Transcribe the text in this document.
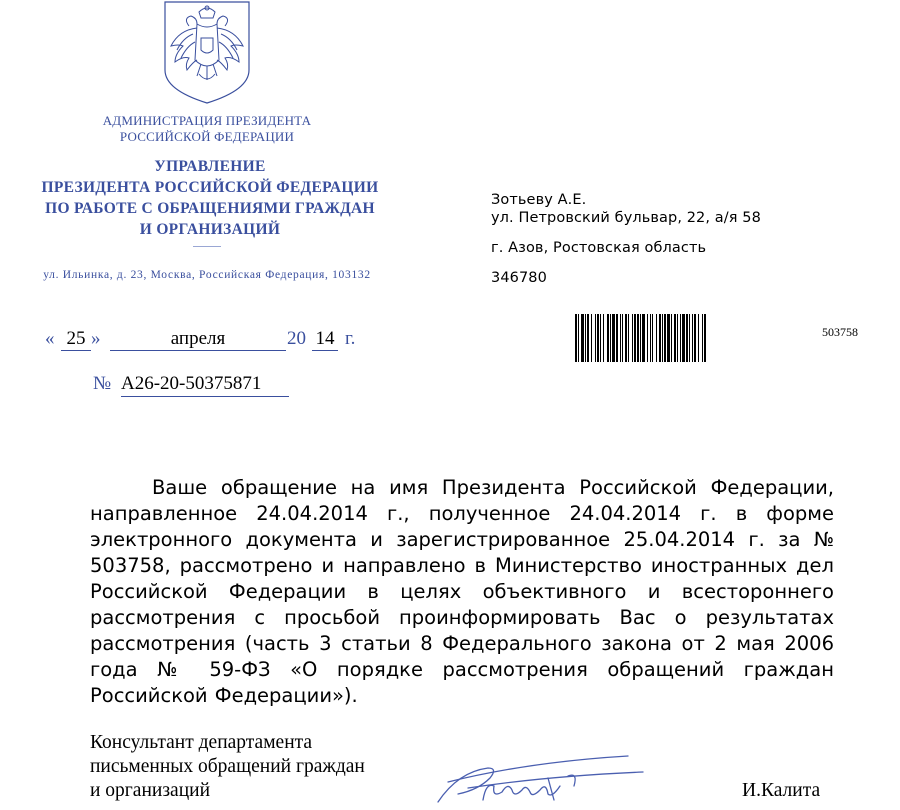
АДМИНИСТРАЦИЯ ПРЕЗИДЕНТА
РОССИЙСКОЙ ФЕДЕРАЦИИ
УПРАВЛЕНИЕ
ПРЕЗИДЕНТА РОССИЙСКОЙ ФЕДЕРАЦИИ
ПО РАБОТЕ С ОБРАЩЕНИЯМИ ГРАЖДАН
И ОРГАНИЗАЦИЙ
ул. Ильинка, д. 23, Москва, Российская Федерация, 103132
« 25 »	апреля	20 14 г.
№ А26-20-50375871
Зотьеву А.Е.
ул. Петровский бульвар, 22, а/я 58
г. Азов, Ростовская область
346780
503758
Ваше обращение на имя Президента Российской Федерации, направленное 24.04.2014 г., полученное 24.04.2014 г. в форме электронного документа и зарегистрированное 25.04.2014 г. за № 503758, рассмотрено и направлено в Министерство иностранных дел Российской Федерации в целях объективного и всестороннего рассмотрения с просьбой проинформировать Вас о результатах рассмотрения (часть 3 статьи 8 Федерального закона от 2 мая 2006 года № 59-ФЗ «О порядке рассмотрения обращений граждан Российской Федерации»).
Консультант департамента
письменных обращений граждан
и организаций	И.Калита
